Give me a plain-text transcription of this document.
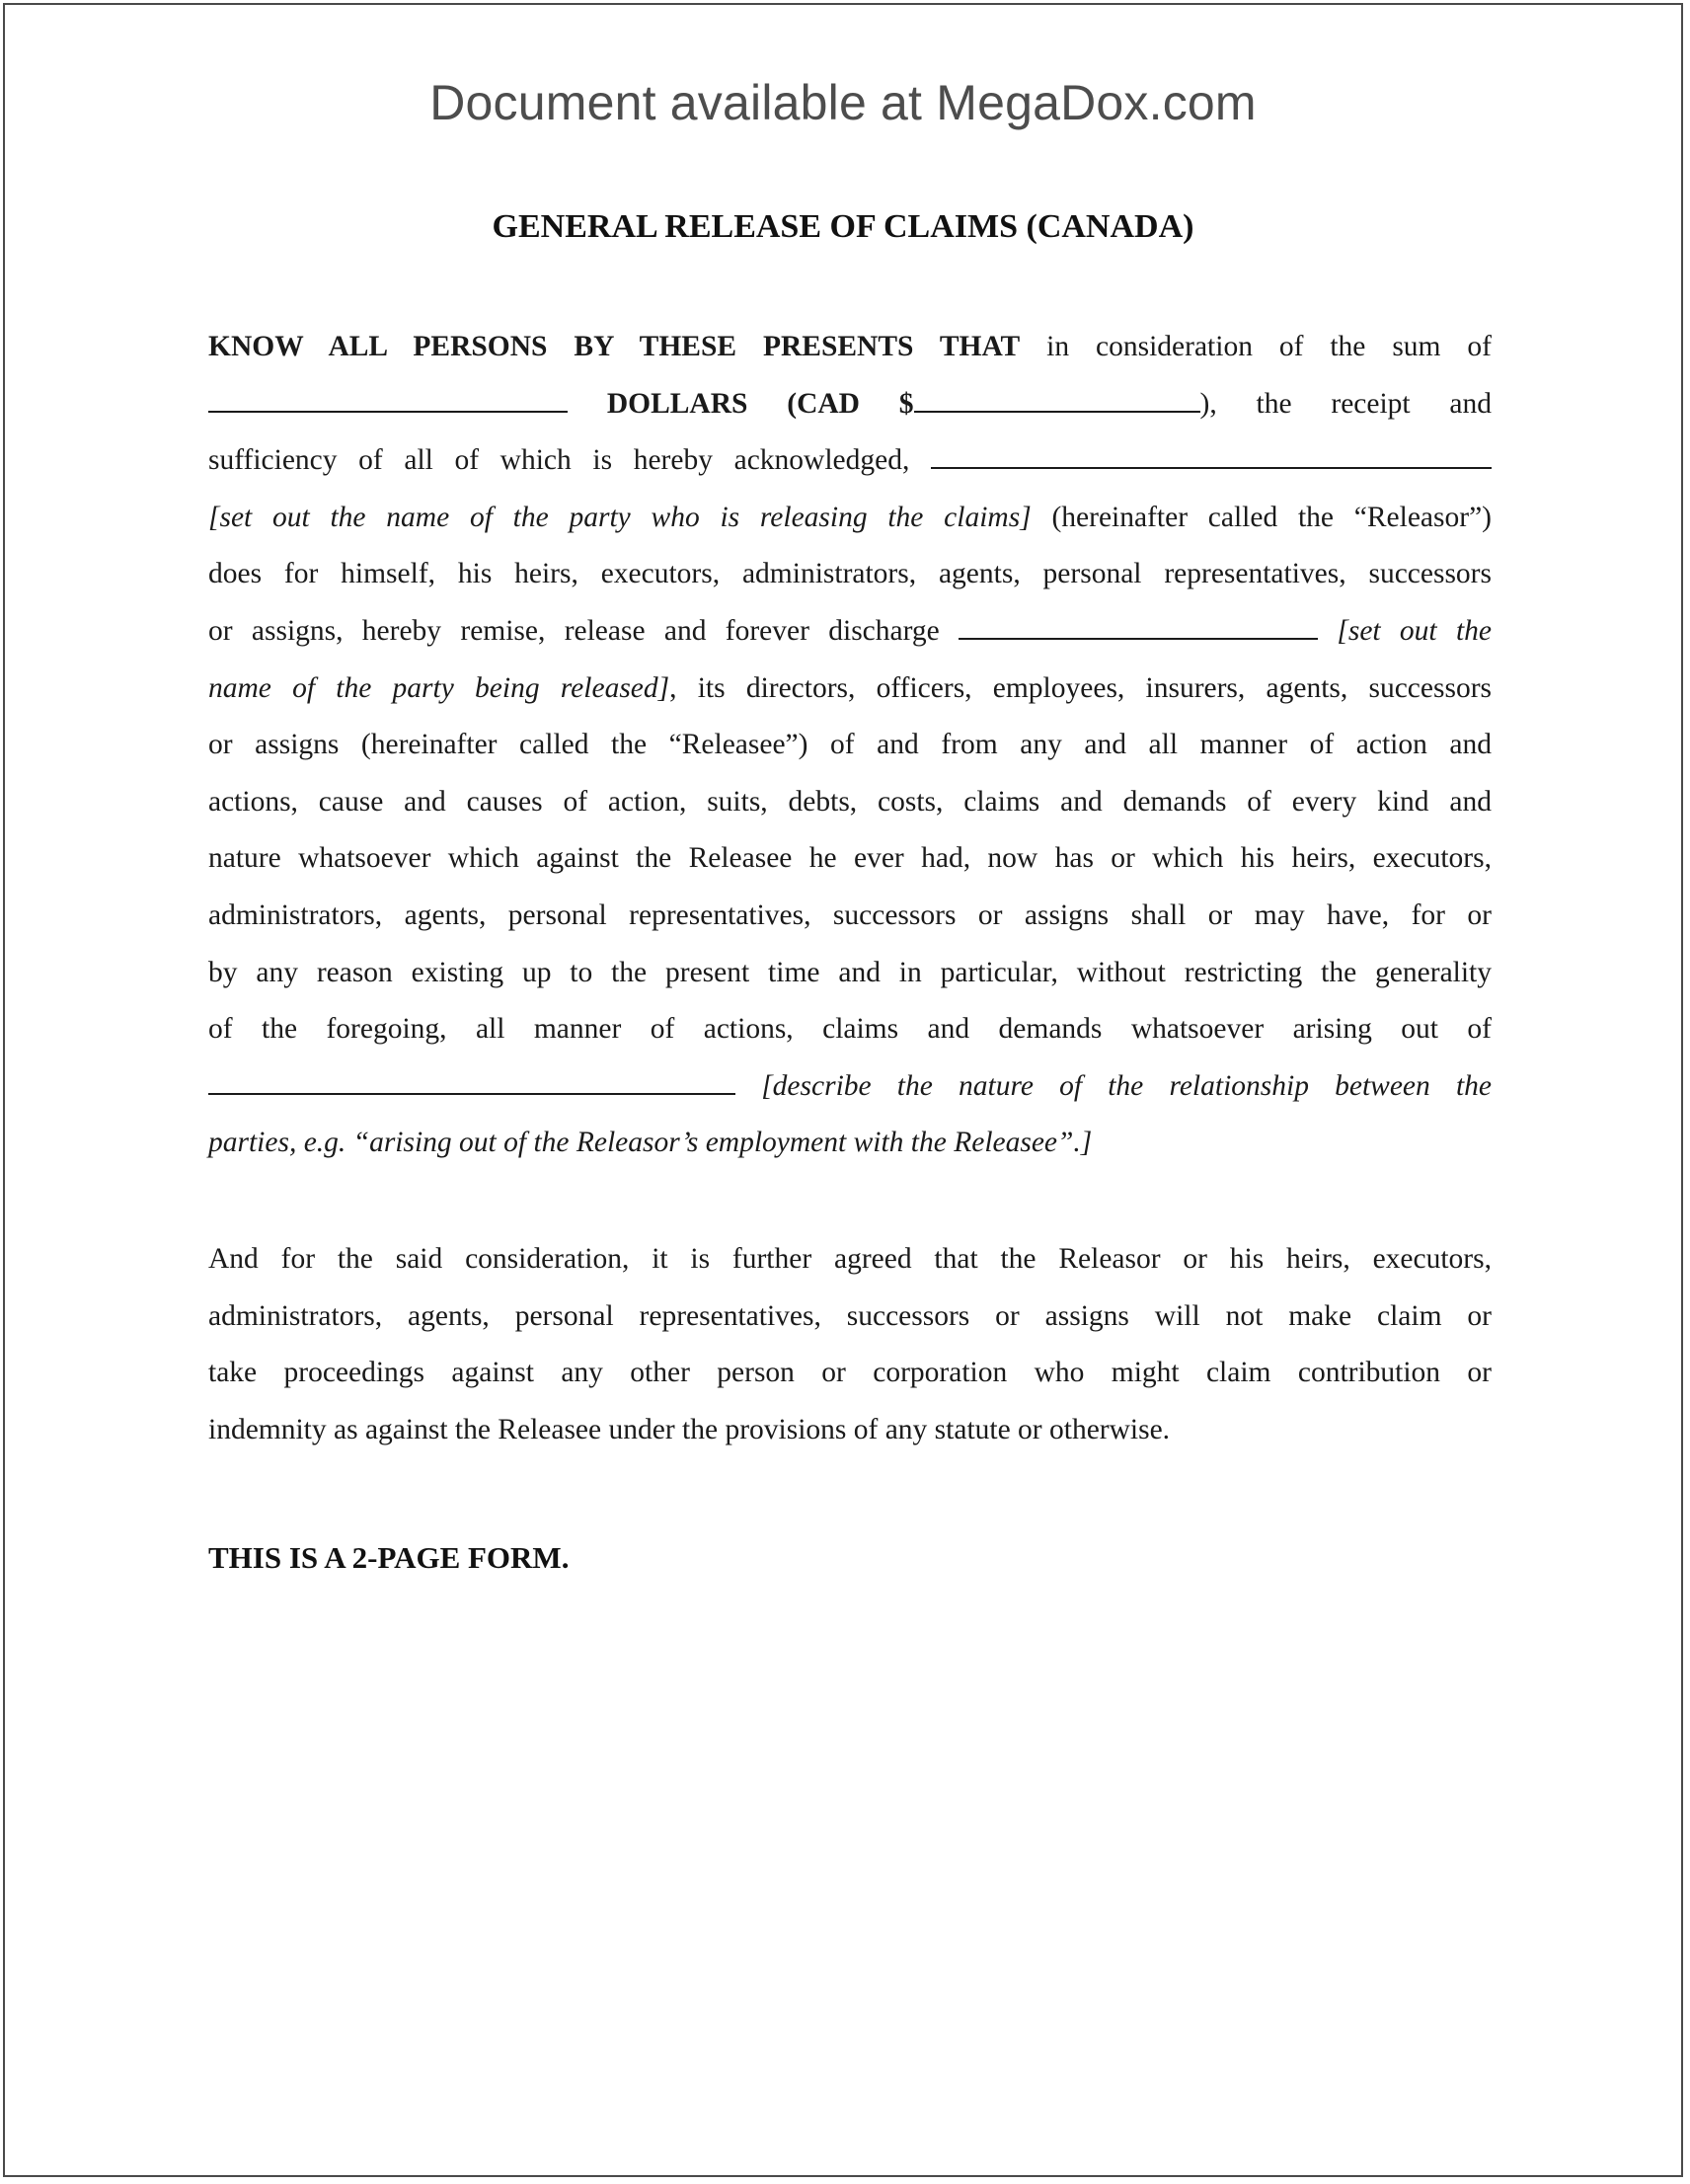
Document available at MegaDox.com
GENERAL RELEASE OF CLAIMS (CANADA)
KNOW ALL PERSONS BY THESE PRESENTS THAT in consideration of the sum of
DOLLARS (CAD $	), the receipt and
sufficiency of all of which is hereby acknowledged,
[set out the name of the party who is releasing the claims] (hereinafter called the “Releasor”)
does for himself, his heirs, executors, administrators, agents, personal representatives, successors
or assigns, hereby remise, release and forever discharge	[set out the
name of the party being released], its directors, officers, employees, insurers, agents, successors
or assigns (hereinafter called the “Releasee”) of and from any and all manner of action and
actions, cause and causes of action, suits, debts, costs, claims and demands of every kind and
nature whatsoever which against the Releasee he ever had, now has or which his heirs, executors,
administrators, agents, personal representatives, successors or assigns shall or may have, for or
by any reason existing up to the present time and in particular, without restricting the generality
of the foregoing, all manner of actions, claims and demands whatsoever arising out of
[describe the nature of the relationship between the
parties, e.g. “arising out of the Releasor’s employment with the Releasee”.]
And for the said consideration, it is further agreed that the Releasor or his heirs, executors,
administrators, agents, personal representatives, successors or assigns will not make claim or
take proceedings against any other person or corporation who might claim contribution or
indemnity as against the Releasee under the provisions of any statute or otherwise.
THIS IS A 2-PAGE FORM.
